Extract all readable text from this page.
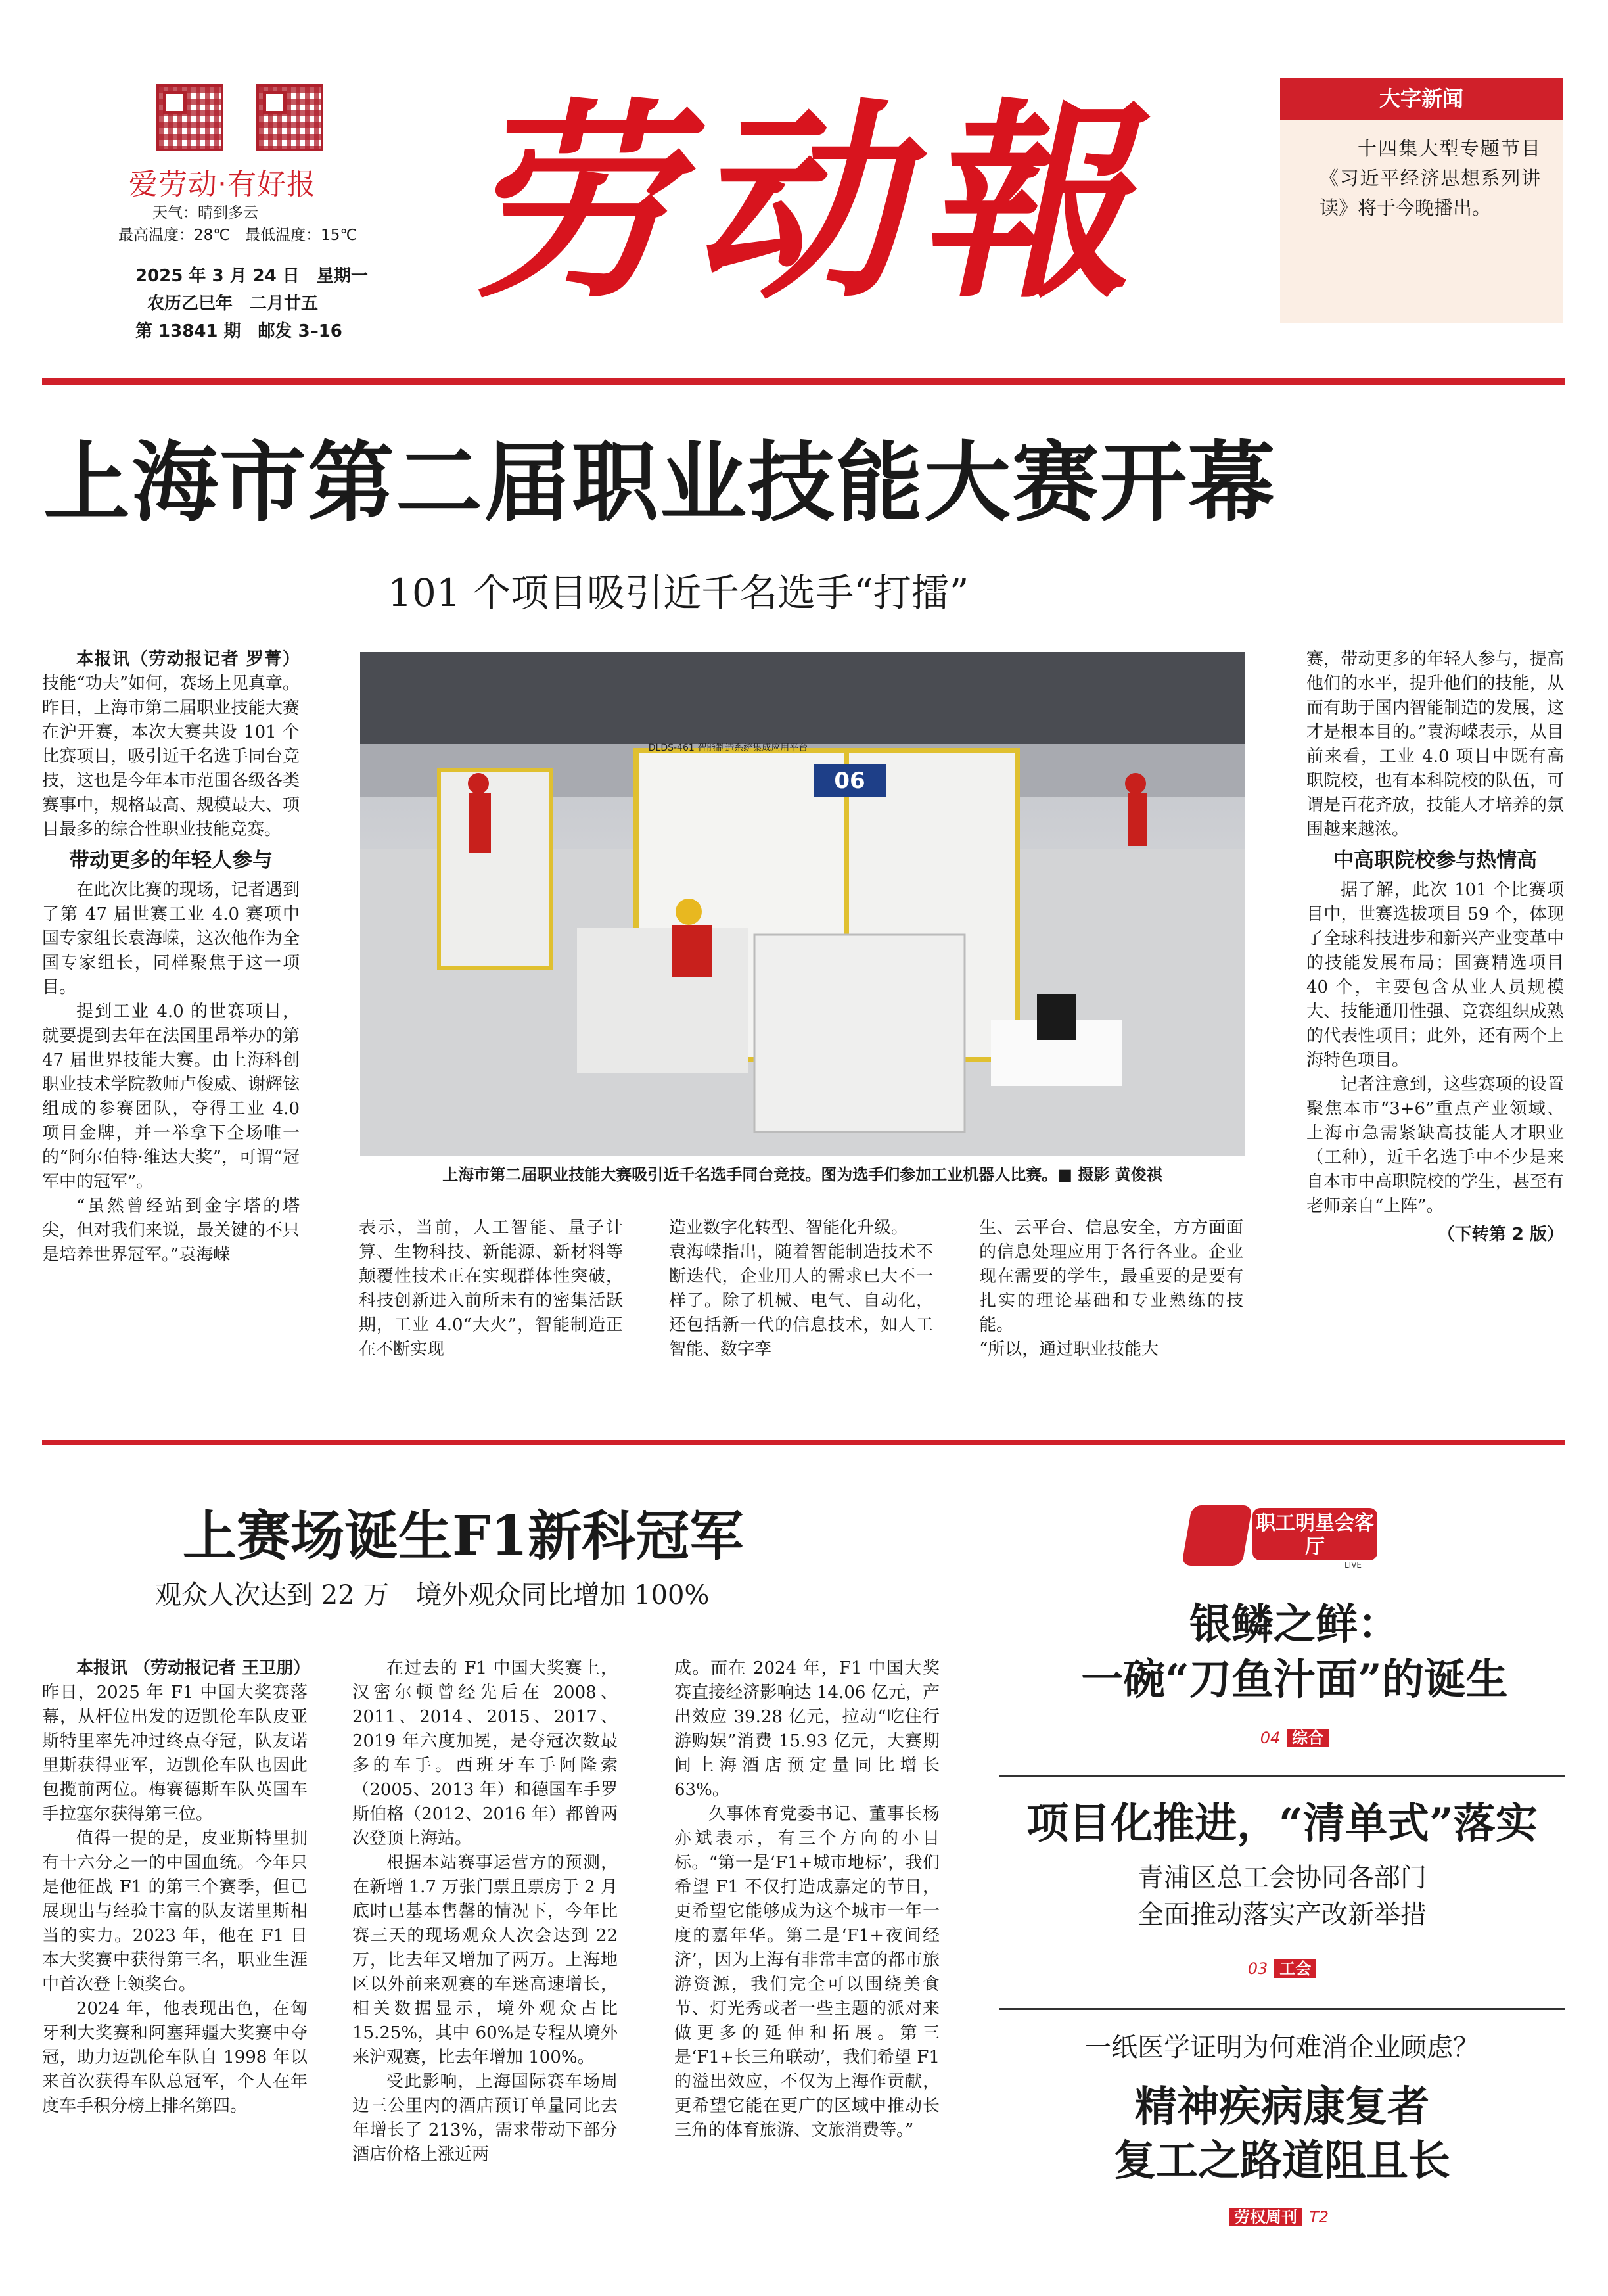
爱劳动·有好报
天气：晴到多云
最高温度：28℃　最低温度：15℃
2025 年 3 月 24 日　星期一
农历乙巳年　二月廿五
第 13841 期　邮发 3–16
劳动報	大字新闻
十四集大型专题节目《习近平经济思想系列讲读》将于今晚播出。
上海市第二届职业技能大赛开幕
101 个项目吸引近千名选手“打擂”

本报讯（劳动报记者 罗菁）技能“功夫”如何，赛场上见真章。昨日，上海市第二届职业技能大赛在沪开赛，本次大赛共设 101 个比赛项目，吸引近千名选手同台竞技，这也是今年本市范围各级各类赛事中，规格最高、规模最大、项目最多的综合性职业技能竞赛。

带动更多的年轻人参与

在此次比赛的现场，记者遇到了第 47 届世赛工业 4.0 赛项中国专家组长袁海嵘，这次他作为全国专家组长，同样聚焦于这一项目。

提到工业 4.0 的世赛项目，就要提到去年在法国里昂举办的第 47 届世界技能大赛。由上海科创职业技术学院教师卢俊威、谢辉铉组成的参赛团队，夺得工业 4.0 项目金牌，并一举拿下全场唯一的“阿尔伯特·维达大奖”，可谓“冠军中的冠军”。

“虽然曾经站到金字塔的塔尖，但对我们来说，最关键的不只是培养世界冠军。”袁海嵘

06
DLDS-461 智能制造系统集成应用平台
上海市第二届职业技能大赛吸引近千名选手同台竞技。图为选手们参加工业机器人比赛。■ 摄影 黄俊祺

表示，当前，人工智能、量子计算、生物科技、新能源、新材料等颠覆性技术正在实现群体性突破，科技创新进入前所未有的密集活跃期，工业 4.0“大火”，智能制造正在不断实现

造业数字化转型、智能化升级。
袁海嵘指出，随着智能制造技术不断迭代，企业用人的需求已大不一样了。除了机械、电气、自动化，还包括新一代的信息技术，如人工智能、数字孪

生、云平台、信息安全，方方面面的信息处理应用于各行各业。企业现在需要的学生，最重要的是要有扎实的理论基础和专业熟练的技能。
“所以，通过职业技能大

赛，带动更多的年轻人参与，提高他们的水平，提升他们的技能，从而有助于国内智能制造的发展，这才是根本目的。”袁海嵘表示，从目前来看，工业 4.0 项目中既有高职院校，也有本科院校的队伍，可谓是百花齐放，技能人才培养的氛围越来越浓。

中高职院校参与热情高

据了解，此次 101 个比赛项目中，世赛选拔项目 59 个，体现了全球科技进步和新兴产业变革中的技能发展布局；国赛精选项目 40 个，主要包含从业人员规模大、技能通用性强、竞赛组织成熟的代表性项目；此外，还有两个上海特色项目。

记者注意到，这些赛项的设置聚焦本市“3+6”重点产业领域、上海市急需紧缺高技能人才职业（工种），近千名选手中不少是来自本市中高职院校的学生，甚至有老师亲自“上阵”。

（下转第 2 版）
上赛场诞生F1新科冠军
观众人次达到 22 万　境外观众同比增加 100%

本报讯 （劳动报记者 王卫朋）昨日，2025 年 F1 中国大奖赛落幕，从杆位出发的迈凯伦车队皮亚斯特里率先冲过终点夺冠，队友诺里斯获得亚军，迈凯伦车队也因此包揽前两位。梅赛德斯车队英国车手拉塞尔获得第三位。

值得一提的是，皮亚斯特里拥有十六分之一的中国血统。今年只是他征战 F1 的第三个赛季，但已展现出与经验丰富的队友诺里斯相当的实力。2023 年，他在 F1 日本大奖赛中获得第三名，职业生涯中首次登上领奖台。

2024 年，他表现出色，在匈牙利大奖赛和阿塞拜疆大奖赛中夺冠，助力迈凯伦车队自 1998 年以来首次获得车队总冠军，个人在年度车手积分榜上排名第四。

在过去的 F1 中国大奖赛上，汉密尔顿曾经先后在 2008、2011、2014、2015、2017、2019 年六度加冕，是夺冠次数最多的车手。西班牙车手阿隆索（2005、2013 年）和德国车手罗斯伯格（2012、2016 年）都曾两次登顶上海站。

根据本站赛事运营方的预测，在新增 1.7 万张门票且票房于 2 月底时已基本售罄的情况下，今年比赛三天的现场观众人次会达到 22 万，比去年又增加了两万。上海地区以外前来观赛的车迷高速增长，相关数据显示，境外观众占比 15.25%，其中 60%是专程从境外来沪观赛，比去年增加 100%。

受此影响，上海国际赛车场周边三公里内的酒店预订单量同比去年增长了 213%，需求带动下部分酒店价格上涨近两

成。而在 2024 年，F1 中国大奖赛直接经济影响达 14.06 亿元，产出效应 39.28 亿元，拉动“吃住行游购娱”消费 15.93 亿元，大赛期间上海酒店预定量同比增长 63%。

久事体育党委书记、董事长杨亦斌表示，有三个方向的小目标。“第一是‘F1+城市地标’，我们希望 F1 不仅打造成嘉定的节日，更希望它能够成为这个城市一年一度的嘉年华。第二是‘F1+夜间经济’，因为上海有非常丰富的都市旅游资源，我们完全可以围绕美食节、灯光秀或者一些主题的派对来做更多的延伸和拓展。第三是‘F1+长三角联动’，我们希望 F1 的溢出效应，不仅为上海作贡献，更希望它能在更广的区域中推动长三角的体育旅游、文旅消费等。”

职工明星会客厅
LIVE
银鳞之鲜：
一碗“刀鱼汁面”的诞生
04 综合
项目化推进，“清单式”落实
青浦区总工会协同各部门
全面推动落实产改新举措
03 工会
一纸医学证明为何难消企业顾虑？
精神疾病康复者
复工之路道阻且长
劳权周刊 T2
